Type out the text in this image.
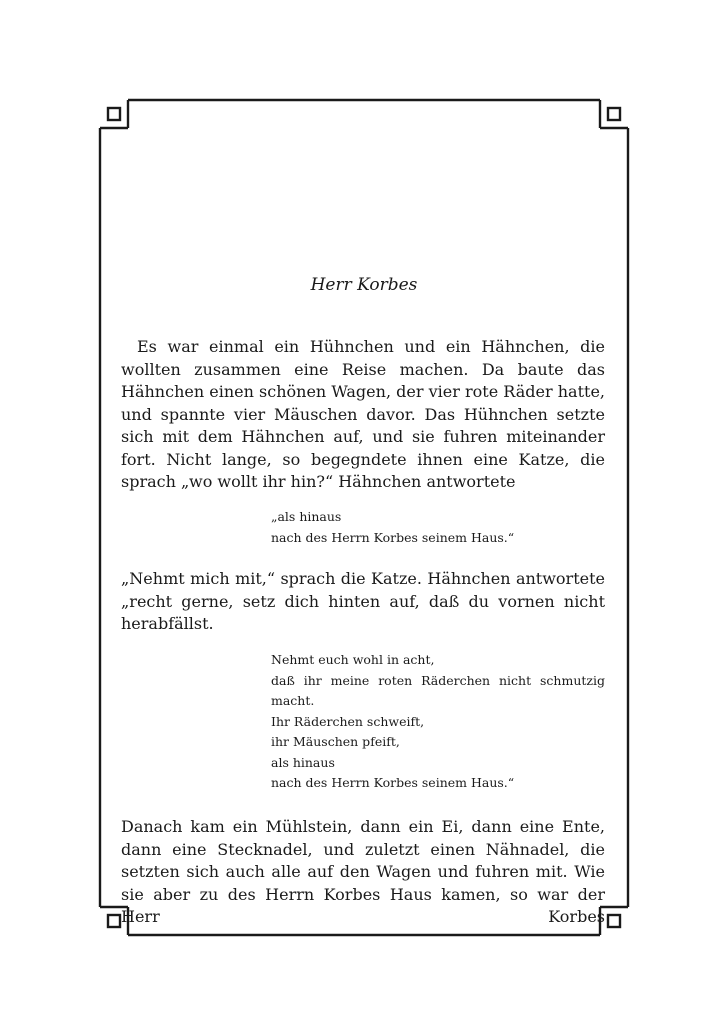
Herr Korbes

Es war einmal ein Hühnchen und ein Hähnchen, die wollten zusammen eine Reise machen. Da baute das Hähnchen einen schönen Wagen, der vier rote Räder hatte, und spannte vier Mäuschen davor. Das Hühnchen setzte sich mit dem Hähnchen auf, und sie fuhren miteinander fort. Nicht lange, so begegndete ihnen eine Katze, die sprach „wo wollt ihr hin?“ Hähnchen antwortete

„als hinaus
nach des Herrn Korbes seinem Haus.“

„Nehmt mich mit,“ sprach die Katze. Hähnchen antwortete „recht gerne, setz dich hinten auf, daß du vornen nicht herabfällst.

Nehmt euch wohl in acht,
daß ihr meine roten Räderchen nicht schmutzig
macht.
Ihr Räderchen schweift,
ihr Mäuschen pfeift,
als hinaus
nach des Herrn Korbes seinem Haus.“

Danach kam ein Mühlstein, dann ein Ei, dann eine Ente, dann eine Stecknadel, und zuletzt einen Nähnadel, die setzten sich auch alle auf den Wagen und fuhren mit. Wie sie aber zu des Herrn Korbes Haus kamen, so war der Herr Korbes
